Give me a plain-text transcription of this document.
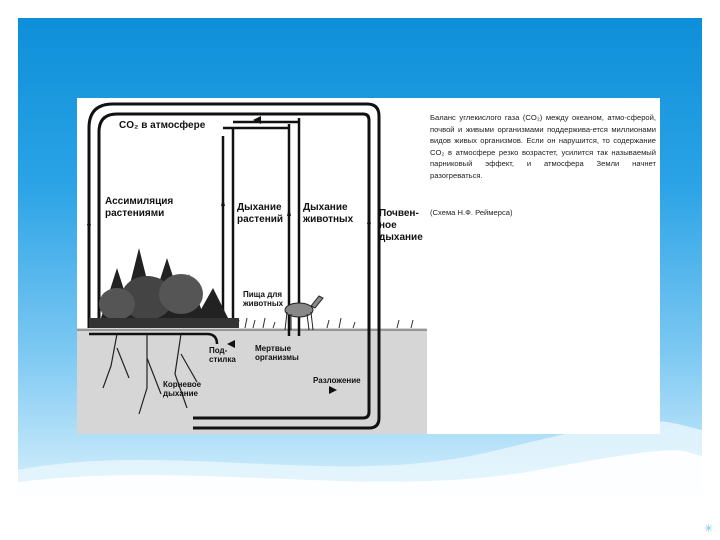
CO₂ в атмосфере
Ассимиляция растениями
Дыхание растений
Дыхание животных
Почвен- ное дыхание
Пища для животных
Под- стилка
Мертвые организмы
Разложение
Корневое дыхание

Баланс углекислого газа (CO₂) между океаном, атмо-сферой, почвой и живыми организмами поддержива-ется миллионами видов живых организмов. Если он нарушится, то содержание CO₂ в атмосфере резко возрастет, усилится так называемый парниковый эффект, и атмосфера Земли начнет разогреваться.

(Схема Н.Ф. Реймерса)
✳
